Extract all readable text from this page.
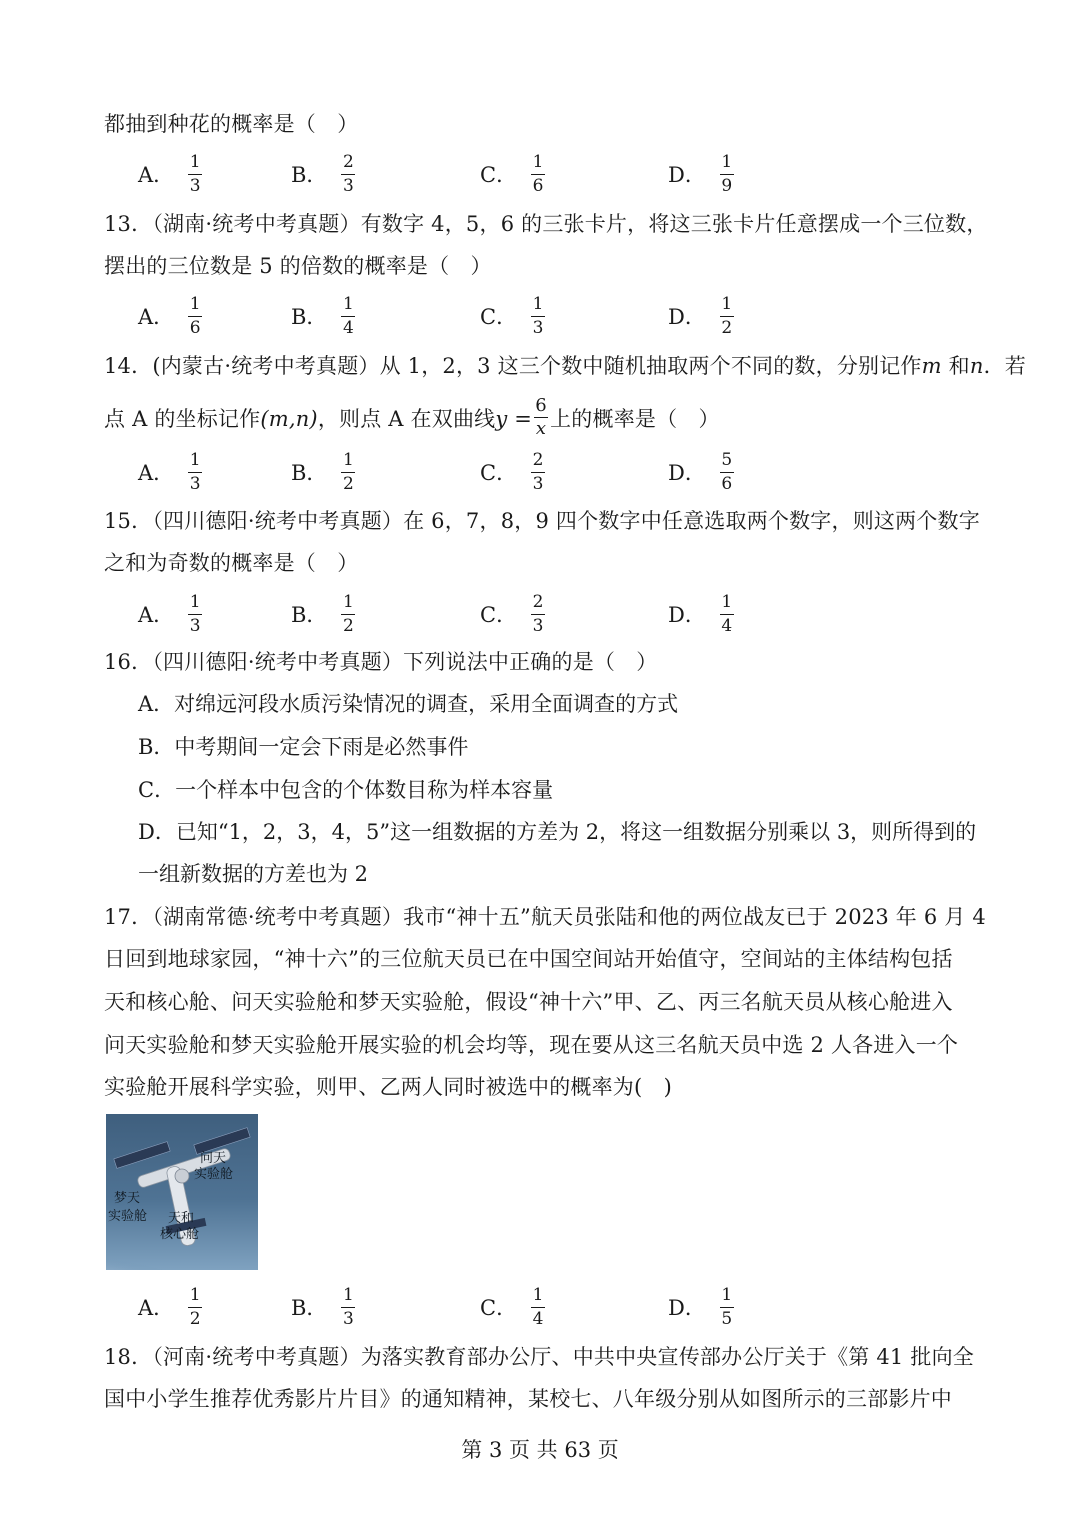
都抽到种花的概率是（　）
A． $\frac{1}{3}$	B． $\frac{2}{3}$	C． $\frac{1}{6}$	D． $\frac{1}{9}$
13．（湖南·统考中考真题）有数字 4，5，6 的三张卡片，将这三张卡片任意摆成一个三位数，
摆出的三位数是 5 的倍数的概率是（　）
A． $\frac{1}{6}$	B． $\frac{1}{4}$	C． $\frac{1}{3}$	D． $\frac{1}{2}$
14．(内蒙古·统考中考真题）从 1，2，3 这三个数中随机抽取两个不同的数，分别记作m 和n．若
点 A 的坐标记作(m,n)，则点 A 在双曲线$y = \frac{6}{x}$ 上的概率是（　）
A． $\frac{1}{3}$	B． $\frac{1}{2}$	C． $\frac{2}{3}$	D． $\frac{5}{6}$
15．（四川德阳·统考中考真题）在 6，7，8，9 四个数字中任意选取两个数字，则这两个数字
之和为奇数的概率是（　）
A． $\frac{1}{3}$	B． $\frac{1}{2}$	C． $\frac{2}{3}$	D． $\frac{1}{4}$
16．（四川德阳·统考中考真题）下列说法中正确的是（　）
A．对绵远河段水质污染情况的调查，采用全面调查的方式
B．中考期间一定会下雨是必然事件
C．一个样本中包含的个体数目称为样本容量
D．已知“1，2，3，4，5”这一组数据的方差为 2，将这一组数据分别乘以 3，则所得到的
一组新数据的方差也为 2
17．（湖南常德·统考中考真题）我市“神十五”航天员张陆和他的两位战友已于 2023 年 6 月 4
日回到地球家园，“神十六”的三位航天员已在中国空间站开始值守，空间站的主体结构包括
天和核心舱、问天实验舱和梦天实验舱，假设“神十六”甲、乙、丙三名航天员从核心舱进入
问天实验舱和梦天实验舱开展实验的机会均等，现在要从这三名航天员中选 2 人各进入一个
实验舱开展科学实验，则甲、乙两人同时被选中的概率为(　)
问天
实验舱
梦天
实验舱 天和
核心舱
A． $\frac{1}{2}$	B． $\frac{1}{3}$	C． $\frac{1}{4}$	D． $\frac{1}{5}$
18．（河南·统考中考真题）为落实教育部办公厅、中共中央宣传部办公厅关于《第 41 批向全
国中小学生推荐优秀影片片目》的通知精神，某校七、八年级分别从如图所示的三部影片中
第 3 页 共 63 页
